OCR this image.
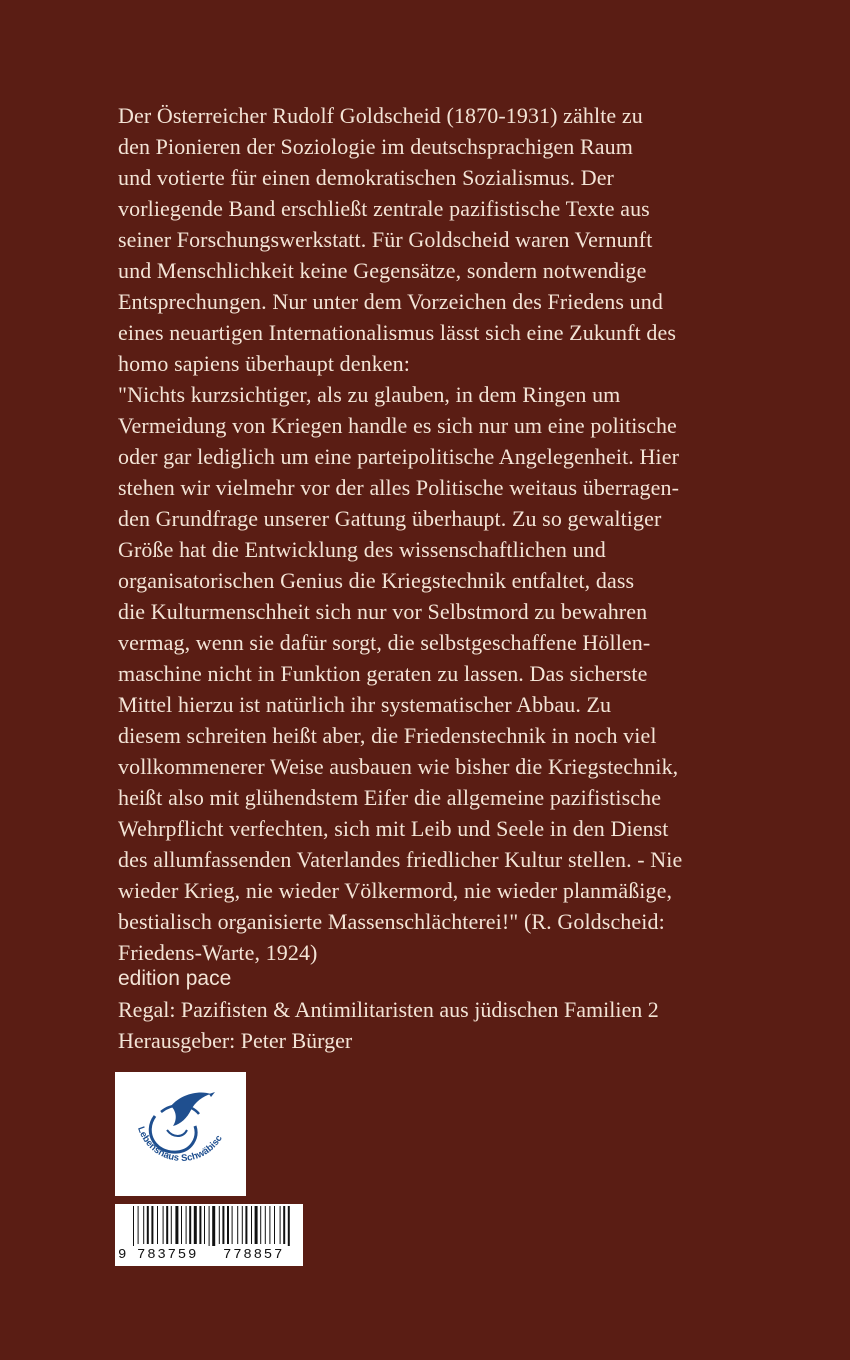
Der Österreicher Rudolf Goldscheid (1870-1931) zählte zu
den Pionieren der Soziologie im deutschsprachigen Raum
und votierte für einen demokratischen Sozialismus. Der
vorliegende Band erschließt zentrale pazifistische Texte aus
seiner Forschungswerkstatt. Für Goldscheid waren Vernunft
und Menschlichkeit keine Gegensätze, sondern notwendige
Entsprechungen. Nur unter dem Vorzeichen des Friedens und
eines neuartigen Internationalismus lässt sich eine Zukunft des
homo sapiens überhaupt denken:
"Nichts kurzsichtiger, als zu glauben, in dem Ringen um
Vermeidung von Kriegen handle es sich nur um eine politische
oder gar lediglich um eine parteipolitische Angelegenheit. Hier
stehen wir vielmehr vor der alles Politische weitaus überragen-
den Grundfrage unserer Gattung überhaupt. Zu so gewaltiger
Größe hat die Entwicklung des wissenschaftlichen und
organisatorischen Genius die Kriegstechnik entfaltet, dass
die Kulturmenschheit sich nur vor Selbstmord zu bewahren
vermag, wenn sie dafür sorgt, die selbstgeschaffene Höllen-
maschine nicht in Funktion geraten zu lassen. Das sicherste
Mittel hierzu ist natürlich ihr systematischer Abbau. Zu
diesem schreiten heißt aber, die Friedenstechnik in noch viel
vollkommenerer Weise ausbauen wie bisher die Kriegstechnik,
heißt also mit glühendstem Eifer die allgemeine pazifistische
Wehrpflicht verfechten, sich mit Leib und Seele in den Dienst
des allumfassenden Vaterlandes friedlicher Kultur stellen. - Nie
wieder Krieg, nie wieder Völkermord, nie wieder planmäßige,
bestialisch organisierte Massenschlächterei!" (R. Goldscheid:
Friedens-Warte, 1924)
edition pace
Regal: Pazifisten & Antimilitaristen aus jüdischen Familien 2
Herausgeber: Peter Bürger
Lebenshaus Schwäbisc
9 783759 778857
